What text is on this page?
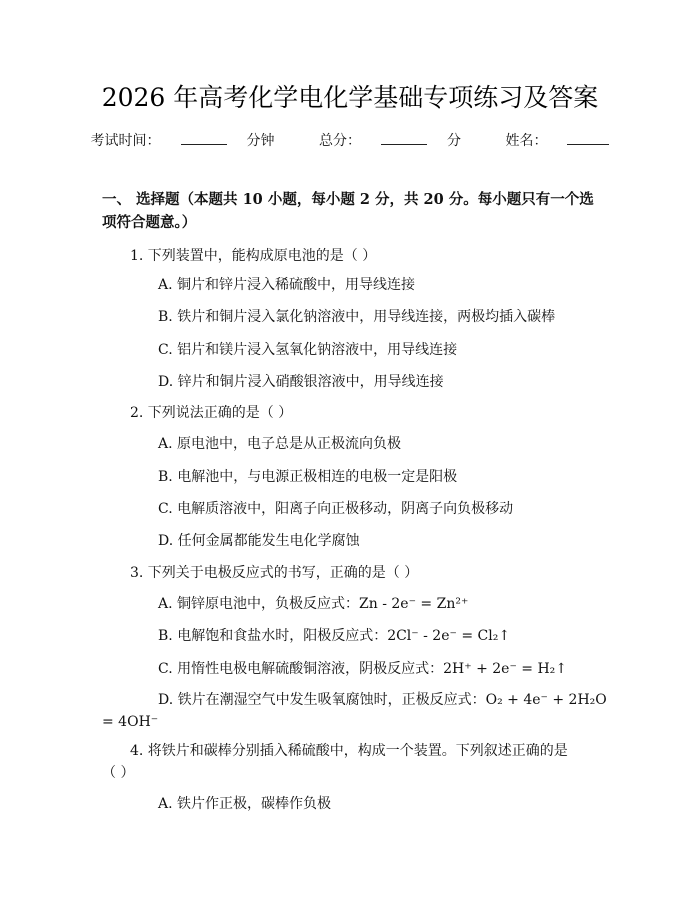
2026 年高考化学电化学基础专项练习及答案
考试时间：	分钟	总分：	分	姓名：
一、 选择题（本题共 10 小题，每小题 2 分，共 20 分。每小题只有一个选项符合题意。）
1. 下列装置中，能构成原电池的是（ ）
A. 铜片和锌片浸入稀硫酸中，用导线连接
B. 铁片和铜片浸入氯化钠溶液中，用导线连接，两极均插入碳棒
C. 铝片和镁片浸入氢氧化钠溶液中，用导线连接
D. 锌片和铜片浸入硝酸银溶液中，用导线连接
2. 下列说法正确的是（ ）
A. 原电池中，电子总是从正极流向负极
B. 电解池中，与电源正极相连的电极一定是阳极
C. 电解质溶液中，阳离子向正极移动，阴离子向负极移动
D. 任何金属都能发生电化学腐蚀
3. 下列关于电极反应式的书写，正确的是（ ）
A. 铜锌原电池中，负极反应式：Zn - 2e⁻ = Zn²⁺
B. 电解饱和食盐水时，阳极反应式：2Cl⁻ - 2e⁻ = Cl₂↑
C. 用惰性电极电解硫酸铜溶液，阴极反应式：2H⁺ + 2e⁻ = H₂↑
D. 铁片在潮湿空气中发生吸氧腐蚀时，正极反应式：O₂ + 4e⁻ + 2H₂O
= 4OH⁻
4. 将铁片和碳棒分别插入稀硫酸中，构成一个装置。下列叙述正确的是
（ ）
A. 铁片作正极，碳棒作负极
